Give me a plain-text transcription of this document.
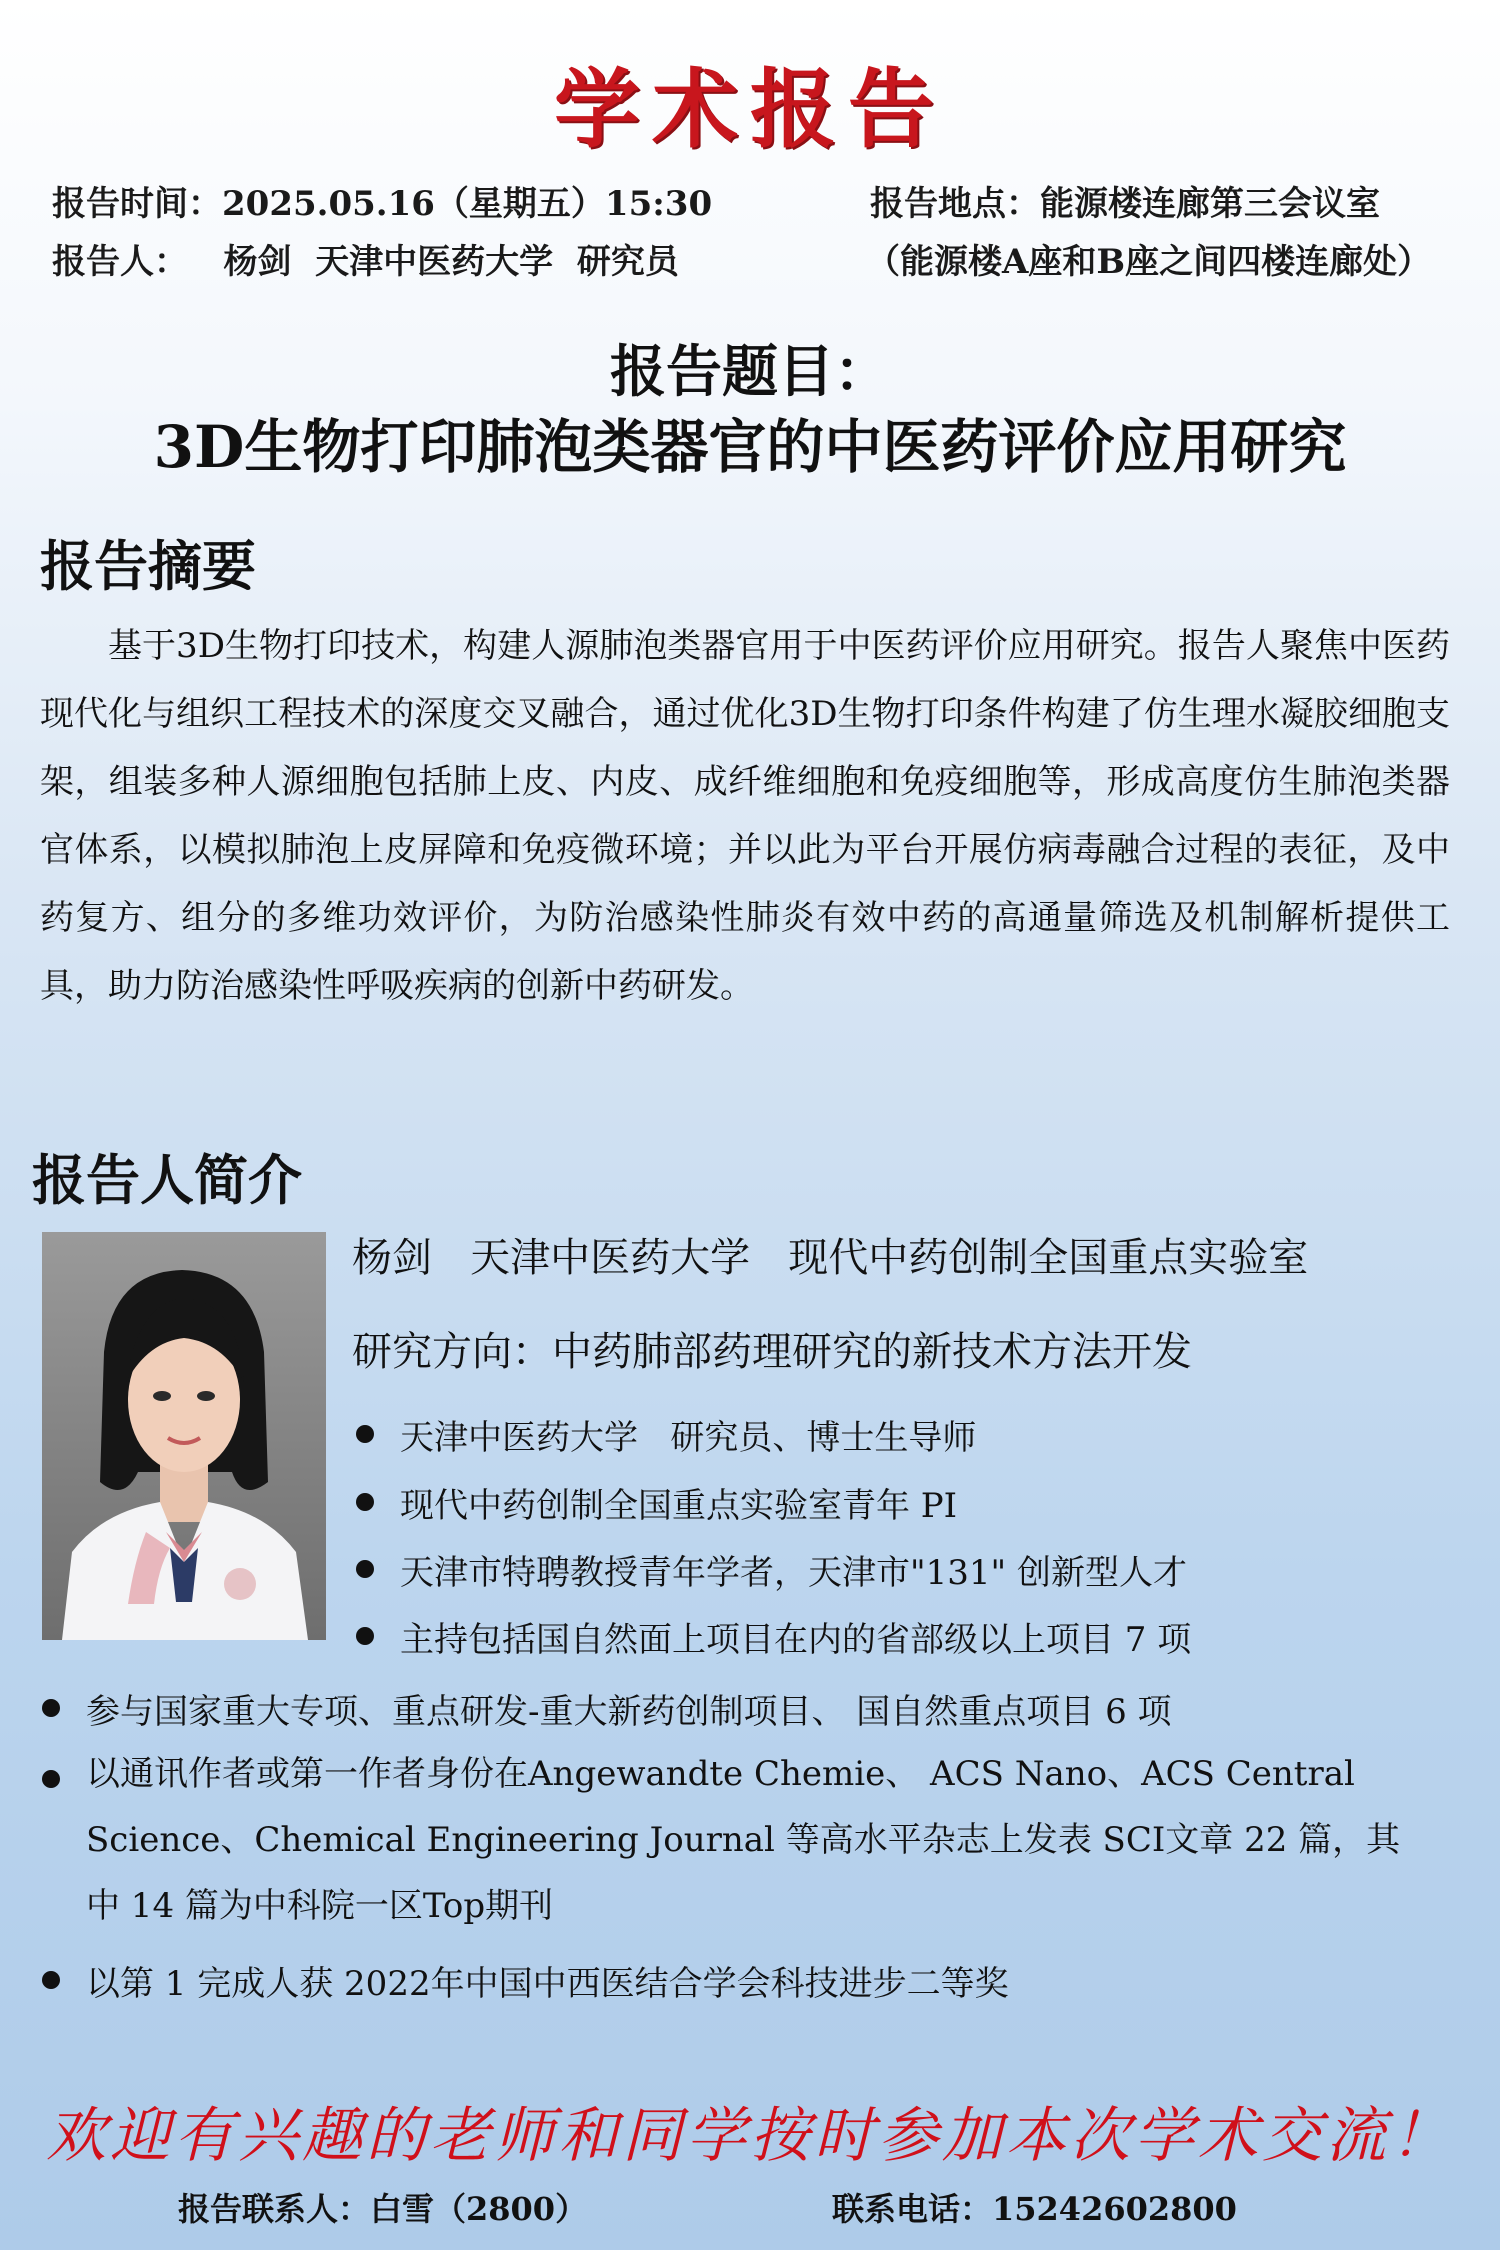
学术报告
报告时间：2025.05.16（星期五）15:30	报告地点：能源楼连廊第三会议室
报告人：   杨剑  天津中医药大学  研究员	（能源楼A座和B座之间四楼连廊处）
报告题目：
3D生物打印肺泡类器官的中医药评价应用研究
报告摘要
基于3D生物打印技术，构建人源肺泡类器官用于中医药评价应用研究。报告人聚焦中医药现代化与组织工程技术的深度交叉融合，通过优化3D生物打印条件构建了仿生理水凝胶细胞支架，组装多种人源细胞包括肺上皮、内皮、成纤维细胞和免疫细胞等，形成高度仿生肺泡类器官体系，以模拟肺泡上皮屏障和免疫微环境；并以此为平台开展仿病毒融合过程的表征，及中药复方、组分的多维功效评价，为防治感染性肺炎有效中药的高通量筛选及机制解析提供工具，助力防治感染性呼吸疾病的创新中药研发。
报告人简介
杨剑   天津中医药大学   现代中药创制全国重点实验室
研究方向：中药肺部药理研究的新技术方法开发
天津中医药大学   研究员、博士生导师
现代中药创制全国重点实验室青年 PI
天津市特聘教授青年学者，天津市"131" 创新型人才
主持包括国自然面上项目在内的省部级以上项目 7 项
参与国家重大专项、重点研发-重大新药创制项目、 国自然重点项目 6 项
以通讯作者或第一作者身份在Angewandte Chemie、 ACS Nano、ACS Central Science、Chemical Engineering Journal 等高水平杂志上发表 SCI文章 22 篇，其中 14 篇为中科院一区Top期刊
以第 1 完成人获 2022年中国中西医结合学会科技进步二等奖
欢迎有兴趣的老师和同学按时参加本次学术交流！
报告联系人：白雪（2800）	联系电话：15242602800
